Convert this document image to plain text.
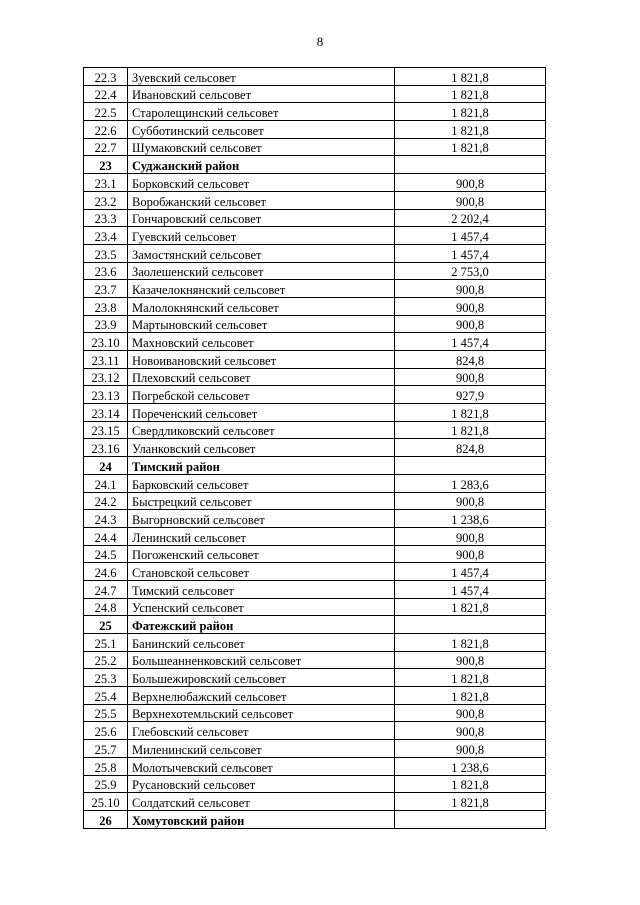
8
22.3	Зуевский сельсовет	1 821,8
22.4	Ивановский сельсовет	1 821,8
22.5	Старолещинский сельсовет	1 821,8
22.6	Субботинский сельсовет	1 821,8
22.7	Шумаковский сельсовет	1 821,8
23	Суджанский район	
23.1	Борковский сельсовет	900,8
23.2	Воробжанский сельсовет	900,8
23.3	Гончаровский сельсовет	2 202,4
23.4	Гуевский сельсовет	1 457,4
23.5	Замостянский сельсовет	1 457,4
23.6	Заолешенский сельсовет	2 753,0
23.7	Казачелокнянский сельсовет	900,8
23.8	Малолокнянский сельсовет	900,8
23.9	Мартыновский сельсовет	900,8
23.10	Махновский сельсовет	1 457,4
23.11	Новоивановский сельсовет	824,8
23.12	Плеховский сельсовет	900,8
23.13	Погребской сельсовет	927,9
23.14	Пореченский сельсовет	1 821,8
23.15	Свердликовский сельсовет	1 821,8
23.16	Уланковский сельсовет	824,8
24	Тимский район	
24.1	Барковский сельсовет	1 283,6
24.2	Быстрецкий сельсовет	900,8
24.3	Выгорновский сельсовет	1 238,6
24.4	Ленинский сельсовет	900,8
24.5	Погоженский сельсовет	900,8
24.6	Становской сельсовет	1 457,4
24.7	Тимский сельсовет	1 457,4
24.8	Успенский сельсовет	1 821,8
25	Фатежский район	
25.1	Банинский сельсовет	1 821,8
25.2	Большеанненковский сельсовет	900,8
25.3	Большежировский сельсовет	1 821,8
25.4	Верхнелюбажский сельсовет	1 821,8
25.5	Верхнехотемльский сельсовет	900,8
25.6	Глебовский сельсовет	900,8
25.7	Миленинский сельсовет	900,8
25.8	Молотычевский сельсовет	1 238,6
25.9	Русановский сельсовет	1 821,8
25.10	Солдатский сельсовет	1 821,8
26	Хомутовский район	
